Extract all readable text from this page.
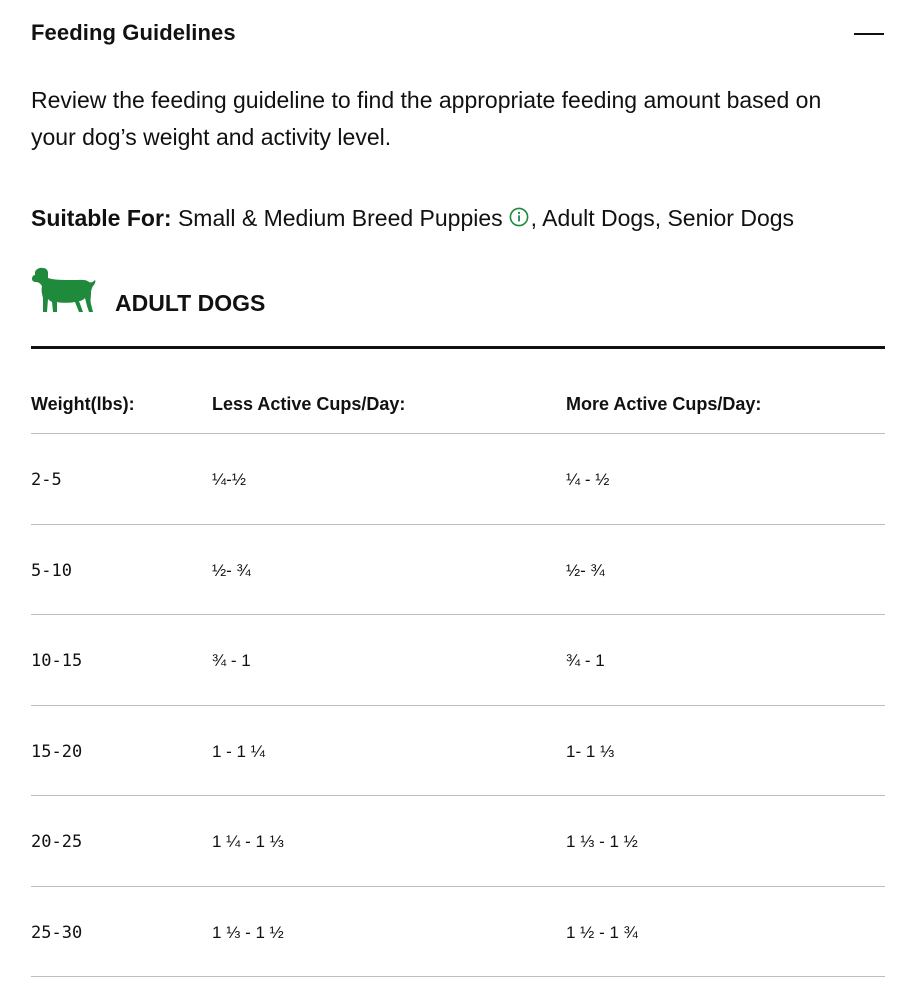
Feeding Guidelines
Review the feeding guideline to find the appropriate feeding amount based on your dog’s weight and activity level.
Suitable For: Small & Medium Breed Puppies , Adult Dogs, Senior Dogs
ADULT DOGS
Weight(lbs):	Less Active Cups/Day:	More Active Cups/Day:
2-5	¼-½	¼ - ½
5-10	½- ¾	½- ¾
10-15	¾ - 1	¾ - 1
15-20	1 - 1 ¼	1- 1 ⅓
20-25	1 ¼ - 1 ⅓	1 ⅓ - 1 ½
25-30	1 ⅓ - 1 ½	1 ½ - 1 ¾
